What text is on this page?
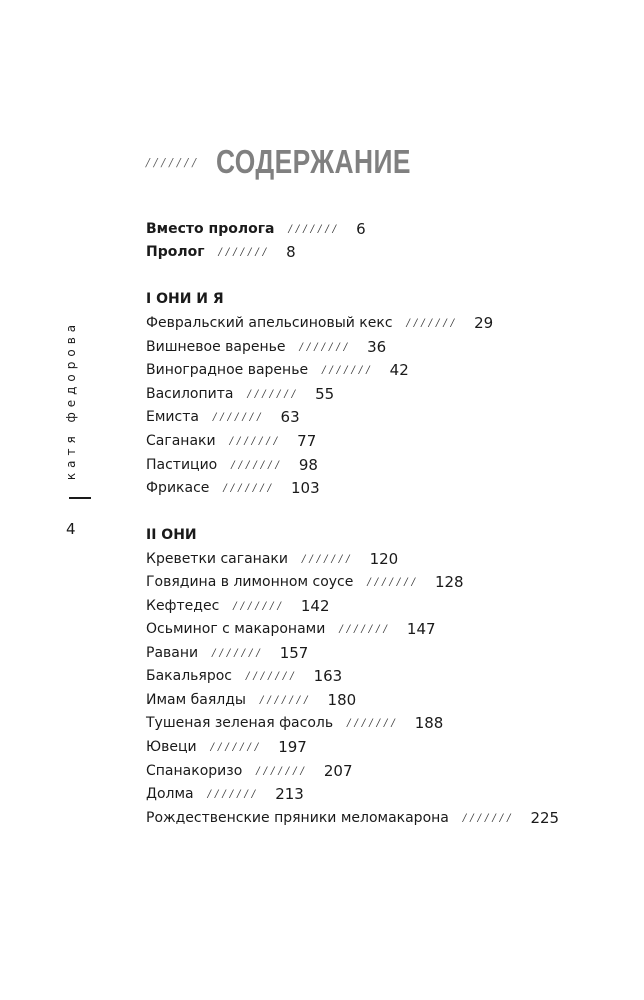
катя федорова
4
/////// СОДЕРЖАНИЕ
Вместо пролога /////// 6
Пролог /////// 8
I ОНИ И Я
Февральский апельсиновый кекс /////// 29
Вишневое варенье /////// 36
Виноградное варенье /////// 42
Василопита /////// 55
Емиста /////// 63
Саганаки /////// 77
Пастицио /////// 98
Фрикасе /////// 103
II ОНИ
Креветки саганаки /////// 120
Говядина в лимонном соусе /////// 128
Кефтедес /////// 142
Осьминог с макаронами /////// 147
Равани /////// 157
Бакальярос /////// 163
Имам баялды /////// 180
Тушеная зеленая фасоль /////// 188
Ювеци /////// 197
Спанакоризо /////// 207
Долма /////// 213
Рождественские пряники меломакарона /////// 225
